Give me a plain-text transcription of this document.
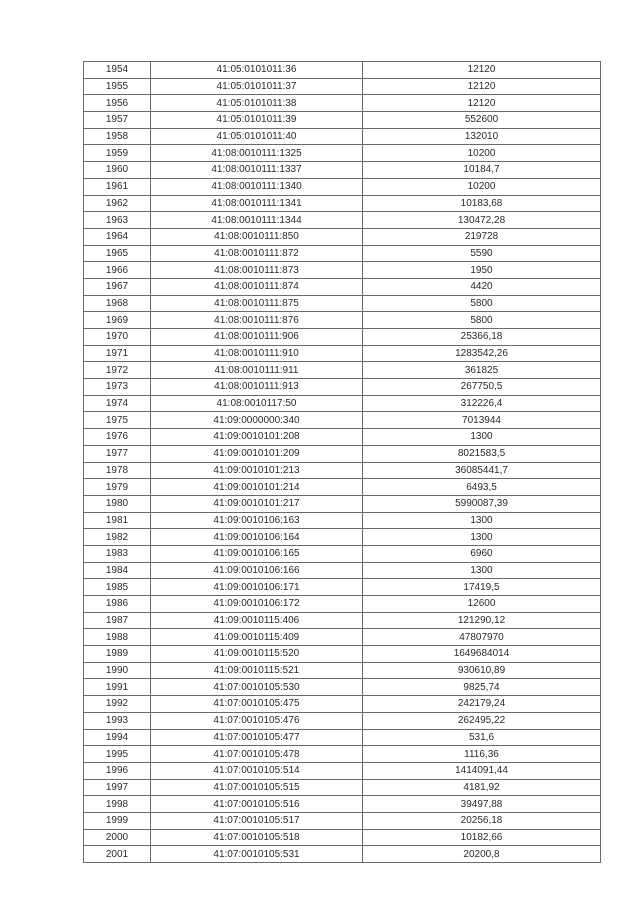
1954	41:05:0101011:36	12120
1955	41:05:0101011:37	12120
1956	41:05:0101011:38	12120
1957	41:05:0101011:39	552600
1958	41:05:0101011:40	132010
1959	41:08:0010111:1325	10200
1960	41:08:0010111:1337	10184,7
1961	41:08:0010111:1340	10200
1962	41:08:0010111:1341	10183,68
1963	41:08:0010111:1344	130472,28
1964	41:08:0010111:850	219728
1965	41:08:0010111:872	5590
1966	41:08:0010111:873	1950
1967	41:08:0010111:874	4420
1968	41:08:0010111:875	5800
1969	41:08:0010111:876	5800
1970	41:08:0010111:906	25366,18
1971	41:08:0010111:910	1283542,26
1972	41:08:0010111:911	361825
1973	41:08:0010111:913	267750,5
1974	41:08:0010117:50	312226,4
1975	41:09:0000000:340	7013944
1976	41:09:0010101:208	1300
1977	41:09:0010101:209	8021583,5
1978	41:09:0010101:213	36085441,7
1979	41:09:0010101:214	6493,5
1980	41:09:0010101:217	5990087,39
1981	41:09:0010106:163	1300
1982	41:09:0010106:164	1300
1983	41:09:0010106:165	6960
1984	41:09:0010106:166	1300
1985	41:09:0010106:171	17419,5
1986	41:09:0010106:172	12600
1987	41:09:0010115:406	121290,12
1988	41:09:0010115:409	47807970
1989	41:09:0010115:520	1649684014
1990	41:09:0010115:521	930610,89
1991	41:07:0010105:530	9825,74
1992	41:07:0010105:475	242179,24
1993	41:07:0010105:476	262495,22
1994	41:07:0010105:477	531,6
1995	41:07:0010105:478	1116,36
1996	41:07:0010105:514	1414091,44
1997	41:07:0010105:515	4181,92
1998	41:07:0010105:516	39497,88
1999	41:07:0010105:517	20256,18
2000	41:07:0010105:518	10182,66
2001	41:07:0010105:531	20200,8
